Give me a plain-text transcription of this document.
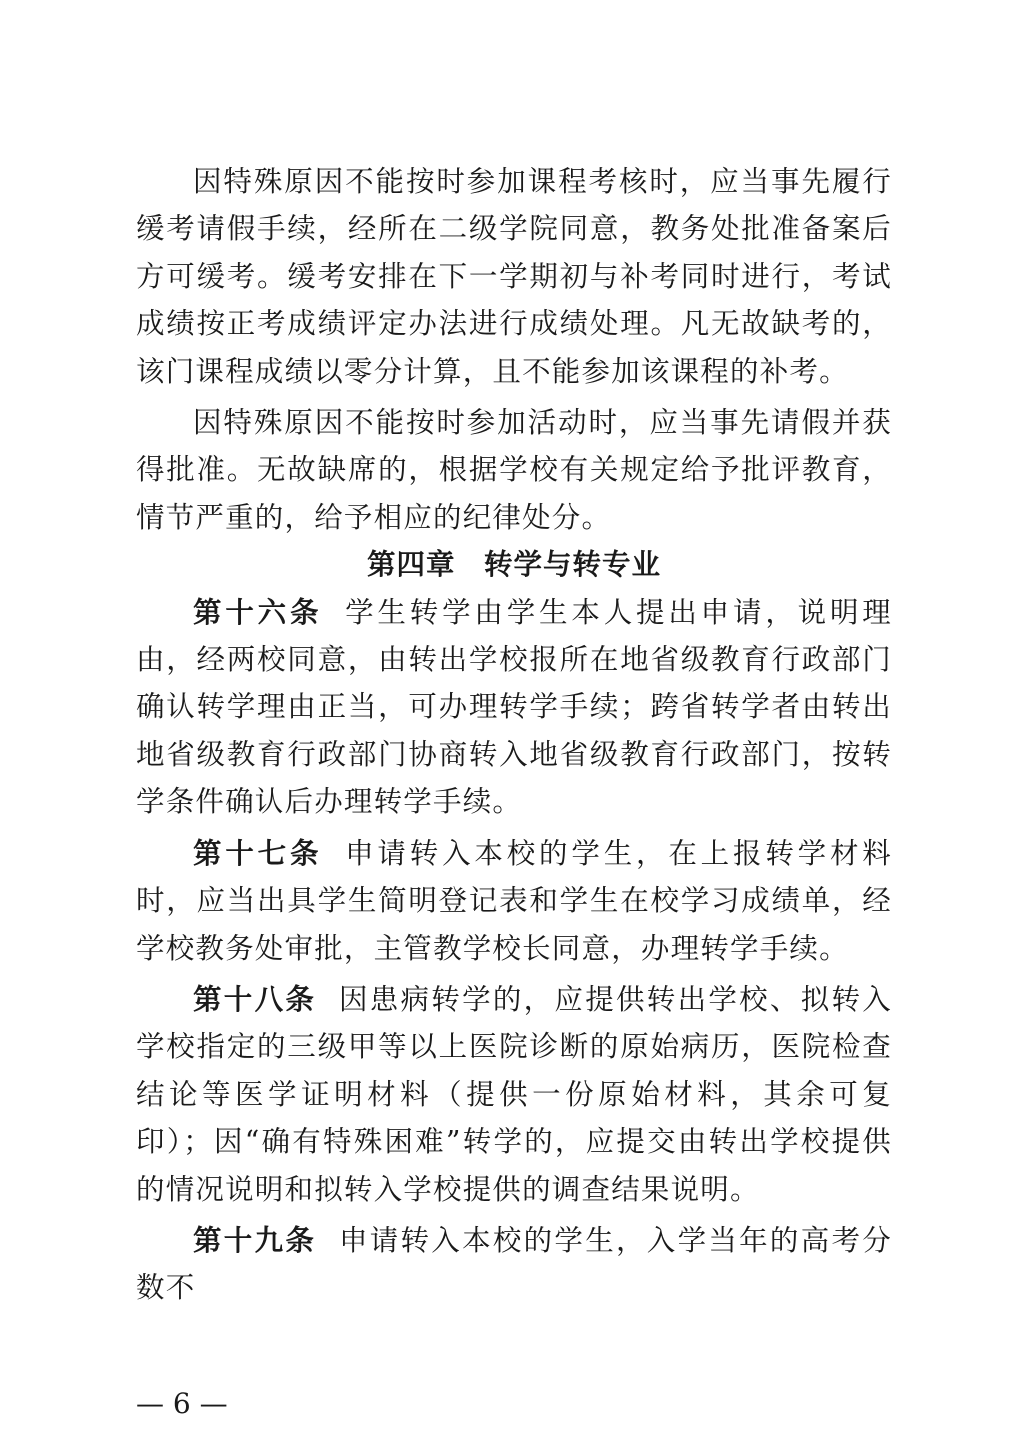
因特殊原因不能按时参加课程考核时，应当事先履行缓考请假手续，经所在二级学院同意，教务处批准备案后方可缓考。缓考安排在下一学期初与补考同时进行，考试成绩按正考成绩评定办法进行成绩处理。凡无故缺考的，该门课程成绩以零分计算，且不能参加该课程的补考。

因特殊原因不能按时参加活动时，应当事先请假并获得批准。无故缺席的，根据学校有关规定给予批评教育，情节严重的，给予相应的纪律处分。

第四章 转学与转专业

第十六条 学生转学由学生本人提出申请，说明理由，经两校同意，由转出学校报所在地省级教育行政部门确认转学理由正当，可办理转学手续；跨省转学者由转出地省级教育行政部门协商转入地省级教育行政部门，按转学条件确认后办理转学手续。

第十七条 申请转入本校的学生，在上报转学材料时，应当出具学生简明登记表和学生在校学习成绩单，经学校教务处审批，主管教学校长同意，办理转学手续。

第十八条 因患病转学的，应提供转出学校、拟转入学校指定的三级甲等以上医院诊断的原始病历，医院检查结论等医学证明材料（提供一份原始材料，其余可复印）；因“确有特殊困难”转学的，应提交由转出学校提供的情况说明和拟转入学校提供的调查结果说明。

第十九条 申请转入本校的学生，入学当年的高考分数不

— 6 —
